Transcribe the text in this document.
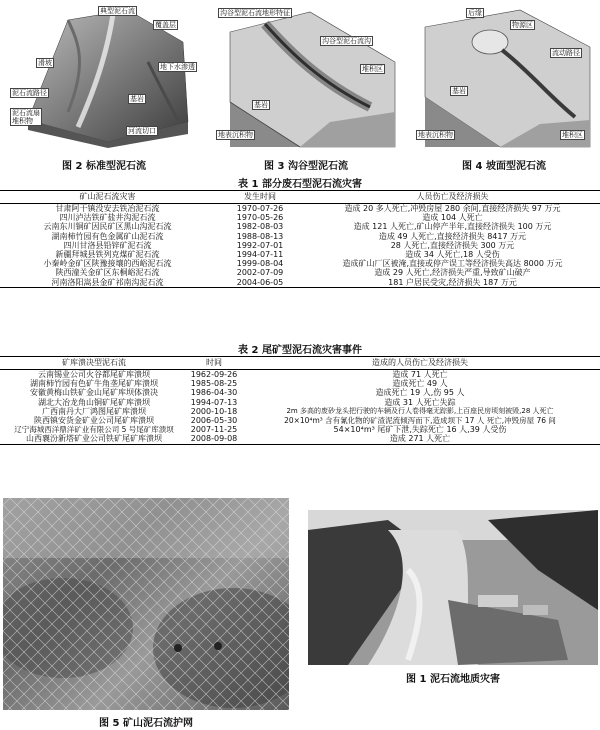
典型泥石流
覆盖层
滑坡	地下水渗透
泥石流路径
基岩
泥石流扇
堆积物
河流切口
图 2 标准型泥石流
沟谷型泥石流地形特征
沟谷型泥石流沟
堆积区
基岩
地表沉积物
图 3 沟谷型泥石流
后缘
物源区
流动路径
基岩
地表沉积物	堆积区
图 4 坡面型泥石流
表 1 部分废石型泥石流灾害
矿山泥石流灾害	发生时间	人员伤亡及经济损失
甘肃阿干镇没安去铁冶泥石流	1970-07-26	造成 20 多人死亡,冲毁房屋 280 余间,直接经济损失 97 万元
四川泸沽铁矿盐井沟泥石流	1970-05-26	造成 104 人死亡
云南东川铜矿因民矿区黑山沟泥石流	1982-08-03	造成 121 人死亡,矿山停产半年,直接经济损失 100 万元
湖南柿竹园有色金属矿山泥石流	1988-08-13	造成 49 人死亡,直接经济损失 8417 万元
四川甘洛县铅锌矿泥石流	1992-07-01	28 人死亡,直接经济损失 300 万元
新疆拜城县铁列克煤矿泥石流	1994-07-11	造成 34 人死亡,18 人受伤
小秦岭金矿区陕豫接壤的西峪泥石流	1999-08-04	造成矿山厂区被淹,直接或停产误工等经济损失高达 8000 万元
陕西潼关金矿区东桐峪泥石流	2002-07-09	造成 29 人死亡,经济损失严重,导致矿山破产
河南洛阳嵩县金矿祁南沟泥石流	2004-06-05	181 户居民受灾,经济损失 187 万元
表 2 尾矿型泥石流灾害事件
矿库溃决型泥石流	时间	造成的人员伤亡及经济损失
云南锡业公司火谷都尾矿库溃坝	1962-09-26	造成 71 人死亡
湖南柿竹园有色矿牛角垄尾矿库溃坝	1985-08-25	造成死亡 49 人
安徽黄梅山铁矿金山尾矿库坝体溃决	1986-04-30	造成死亡 19 人,伤 95 人
湖北大冶龙角山铜矿尾矿库溃坝	1994-07-13	造成 31 人死亡失踪
广西南丹大厂鸿图尾矿库溃坝	2000-10-18	2m 多高的废砂龙头把行驶的车辆及行人卷得毫无踪影,上百座民房顷刻被毁,28 人死亡
陕西镇安货金矿业公司尾矿库溃坝	2006-05-30	20×10⁴m³ 含有氰化物的矿渣泥流倾泻而下,造成坝下 17 人 死亡,冲毁房屋 76 间
辽宁海城西洋鼎洋矿业有限公司 5 号尾矿库溃坝	2007-11-25	54×10⁴m³ 尾矿下泄,失踪死亡 16 人,39 人受伤
山西襄汾新塔矿业公司铁矿尾矿库溃坝	2008-09-08	造成 271 人死亡
图 5 矿山泥石流护网
图 1 泥石流地质灾害
